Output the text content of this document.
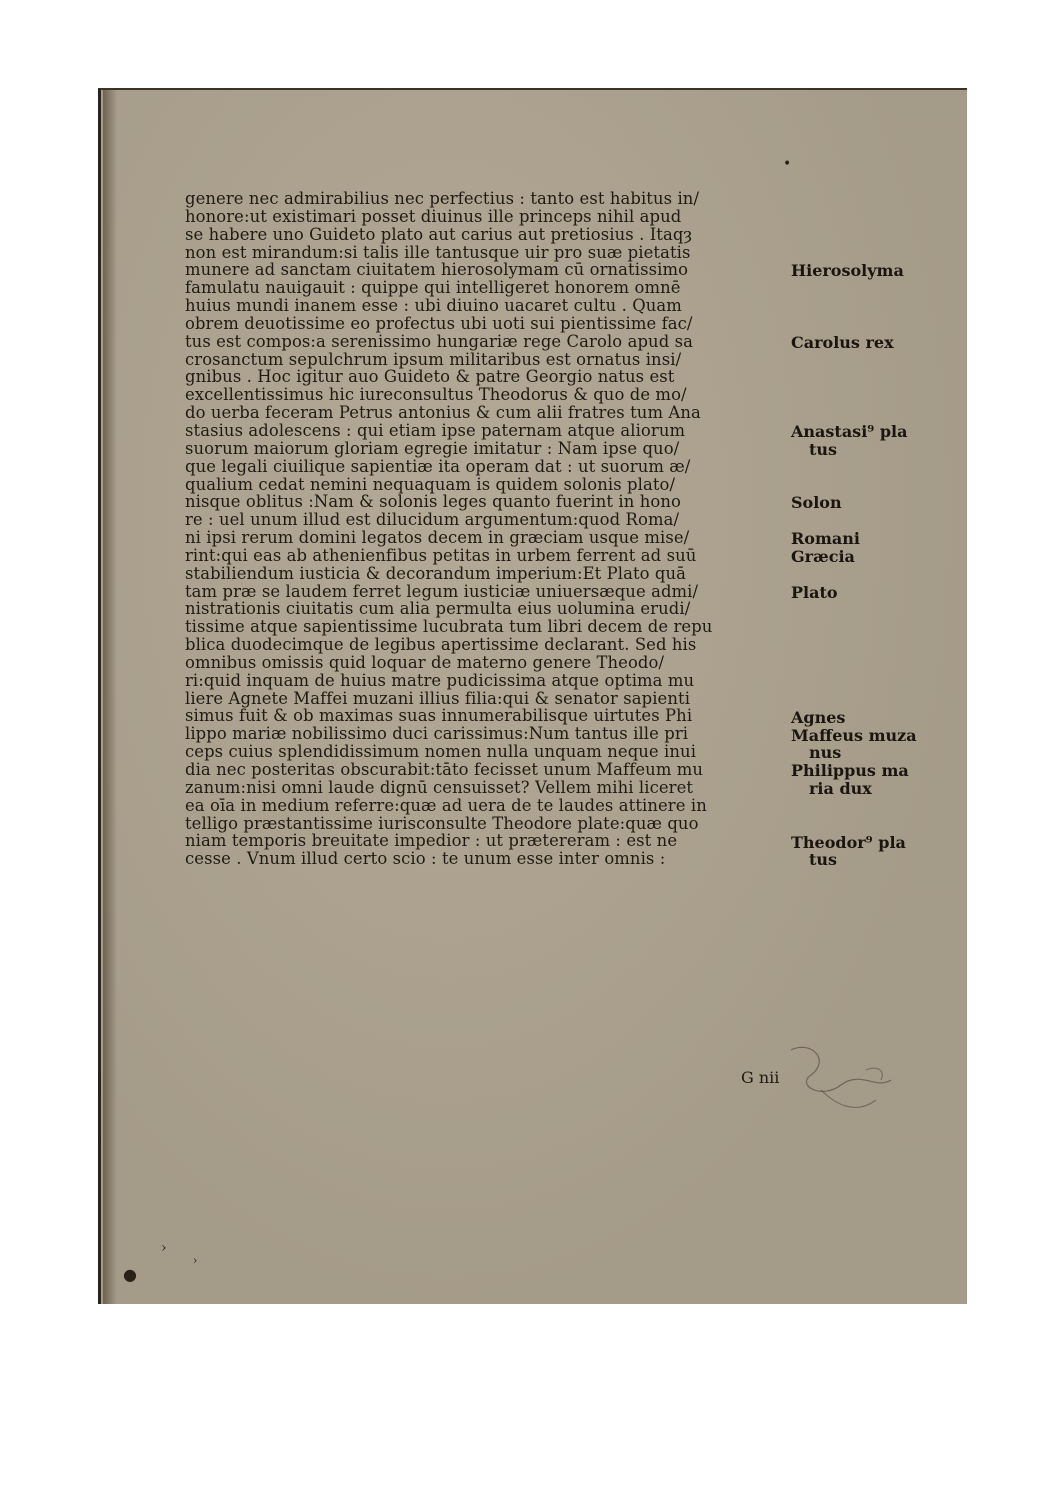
•
›
›
●
genere nec admirabilius nec perfectius : tanto est habitus in/
honore:ut existimari posset diuinus ille princeps nihil apud
se habere uno Guideto plato aut carius aut pretiosius . Itaqȝ
non est mirandum:si talis ille tantusque uir pro suæ pietatis
munere ad sanctam ciuitatem hierosolymam cū ornatissimo
famulatu nauigauit : quippe qui intelligeret honorem omnē
huius mundi inanem esse : ubi diuino uacaret cultu . Quam
obrem deuotissime eo profectus ubi uoti sui pientissime fac/
tus est compos:a serenissimo hungariæ rege Carolo apud sa
crosanctum sepulchrum ipsum militaribus est ornatus insi/
gnibus . Hoc igitur auo Guideto & patre Georgio natus est
excellentissimus hic iureconsultus Theodorus & quo de mo/
do uerba feceram Petrus antonius & cum alii fratres tum Ana
stasius adolescens : qui etiam ipse paternam atque aliorum
suorum maiorum gloriam egregie imitatur : Nam ipse quo/
que legali ciuilique sapientiæ ita operam dat : ut suorum æ/
qualium cedat nemini nequaquam is quidem solonis plato/
nisque oblitus :Nam & solonis leges quanto fuerint in hono
re : uel unum illud est dilucidum argumentum:quod Roma/
ni ipsi rerum domini legatos decem in græciam usque mise/
rint:qui eas ab athenienfibus petitas in urbem ferrent ad suū
stabiliendum iusticia & decorandum imperium:Et Plato quā
tam præ se laudem ferret legum iusticiæ uniuersæque admi/
nistrationis ciuitatis cum alia permulta eius uolumina erudi/
tissime atque sapientissime lucubrata tum libri decem de repu
blica duodecimque de legibus apertissime declarant. Sed his
omnibus omissis quid loquar de materno genere Theodo/
ri:quid inquam de huius matre pudicissima atque optima mu
liere Agnete Maffei muzani illius filia:qui & senator sapienti
simus fuit & ob maximas suas innumerabilisque uirtutes Phi
lippo mariæ nobilissimo duci carissimus:Num tantus ille pri
ceps cuius splendidissimum nomen nulla unquam neque inui
dia nec posteritas obscurabit:tāto fecisset unum Maffeum mu
zanum:nisi omni laude dignū censuisset? Vellem mihi liceret
ea oīa in medium referre:quæ ad uera de te laudes attinere in
telligo præstantissime iurisconsulte Theodore plate:quæ quo
niam temporis breuitate impedior : ut prætereram : est ne
cesse . Vnum illud certo scio : te unum esse inter omnis :
G nii
Hierosolyma
Carolus rex
Anastasi⁹ pla
tus
Solon
Romani
Græcia
Plato
Agnes
Maffeus muza
nus
Philippus ma
ria dux
Theodor⁹ pla
tus
